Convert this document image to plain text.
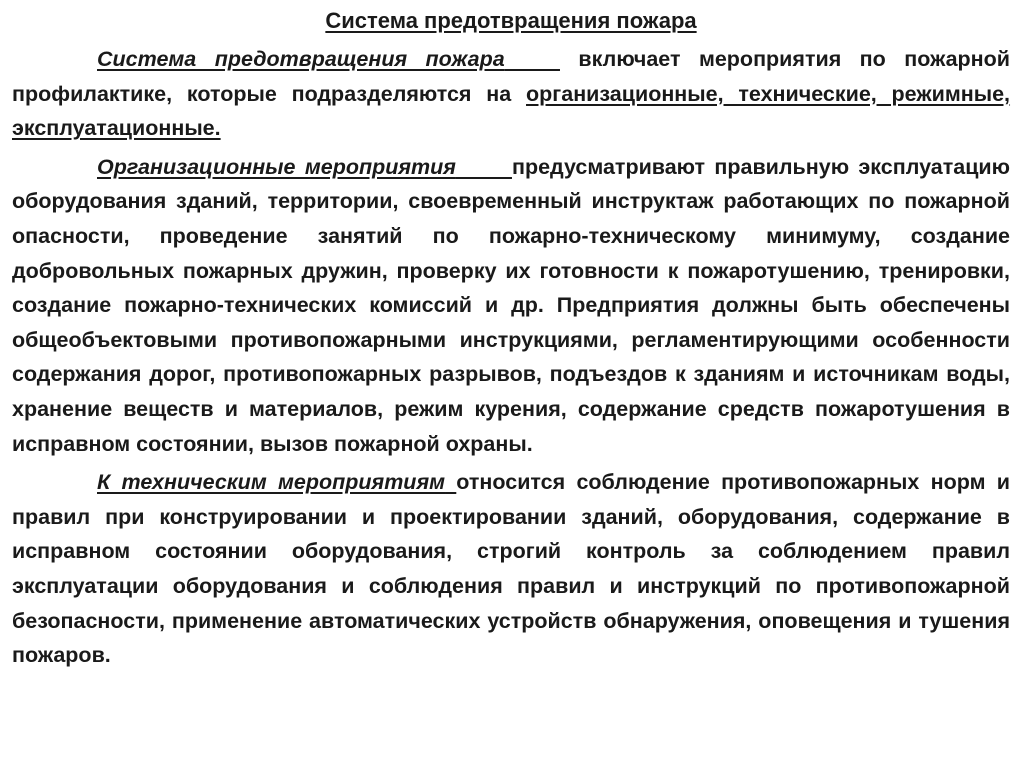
Система предотвращения пожара

Система предотвращения пожара	включает мероприятия по пожарной профилактике, которые подразделяются на организационные, технические, режимные, эксплуатационные.

Организационные мероприятия	предусматривают правильную эксплуатацию оборудования зданий, территории, своевременный инструктаж работающих по пожарной опасности, проведение занятий по пожарно-техническому минимуму, создание добровольных пожарных дружин, проверку их готовности к пожаротушению, тренировки, создание пожарно-технических комиссий и др. Предприятия должны быть обеспечены общеобъектовыми противопожарными инструкциями, регламентирующими особенности содержания дорог, противопожарных разрывов, подъездов к зданиям и источникам воды, хранение веществ и материалов, режим курения, содержание средств пожаротушения в исправном состоянии, вызов пожарной охраны.

К техническим мероприятиям относится соблюдение противопожарных норм и правил при конструировании и проектировании зданий, оборудования, содержание в исправном состоянии оборудования, строгий контроль за соблюдением правил эксплуатации оборудования и соблюдения правил и инструкций по противопожарной безопасности, применение автоматических устройств обнаружения, оповещения и тушения пожаров.
